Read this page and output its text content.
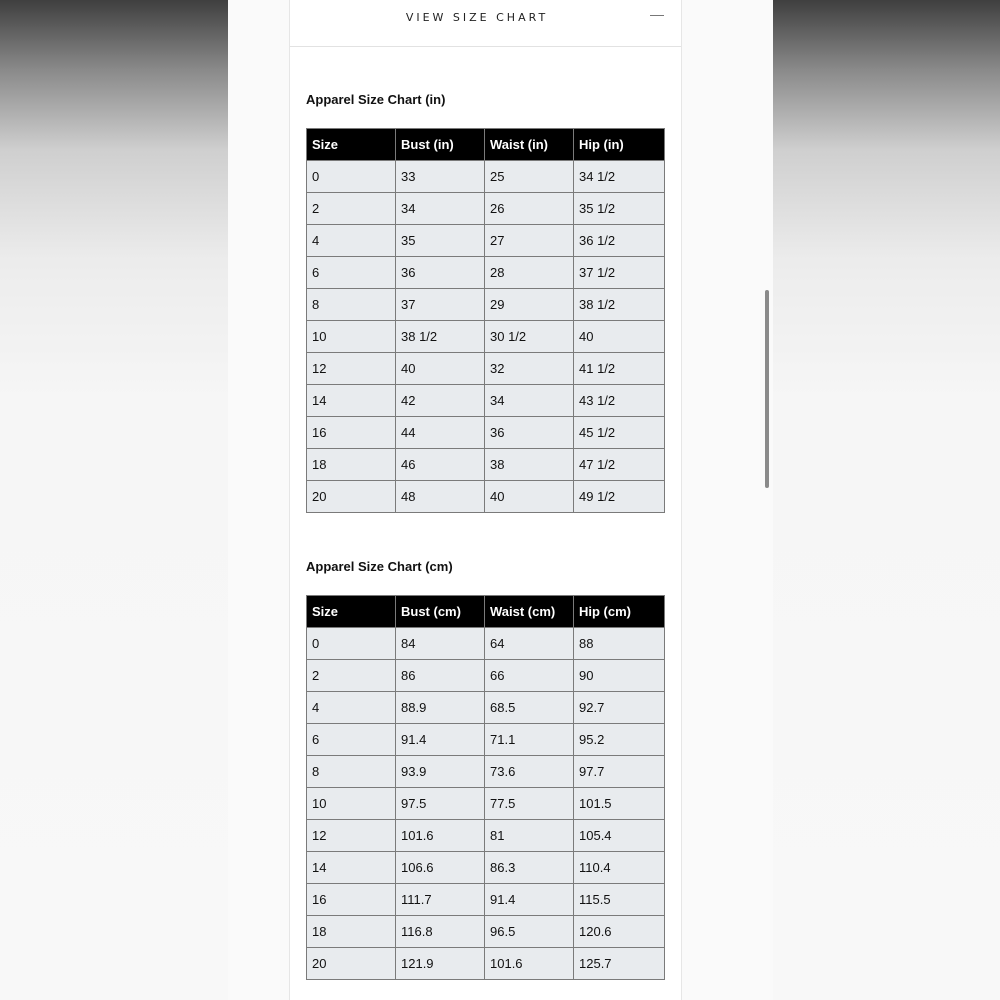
VIEW SIZE CHART
Apparel Size Chart (in)
Size	Bust (in)	Waist (in)	Hip (in)
0	33	25	34 1/2
2	34	26	35 1/2
4	35	27	36 1/2
6	36	28	37 1/2
8	37	29	38 1/2
10	38 1/2	30 1/2	40
12	40	32	41 1/2
14	42	34	43 1/2
16	44	36	45 1/2
18	46	38	47 1/2
20	48	40	49 1/2
Apparel Size Chart (cm)
Size	Bust (cm)	Waist (cm)	Hip (cm)
0	84	64	88
2	86	66	90
4	88.9	68.5	92.7
6	91.4	71.1	95.2
8	93.9	73.6	97.7
10	97.5	77.5	101.5
12	101.6	81	105.4
14	106.6	86.3	110.4
16	111.7	91.4	115.5
18	116.8	96.5	120.6
20	121.9	101.6	125.7
